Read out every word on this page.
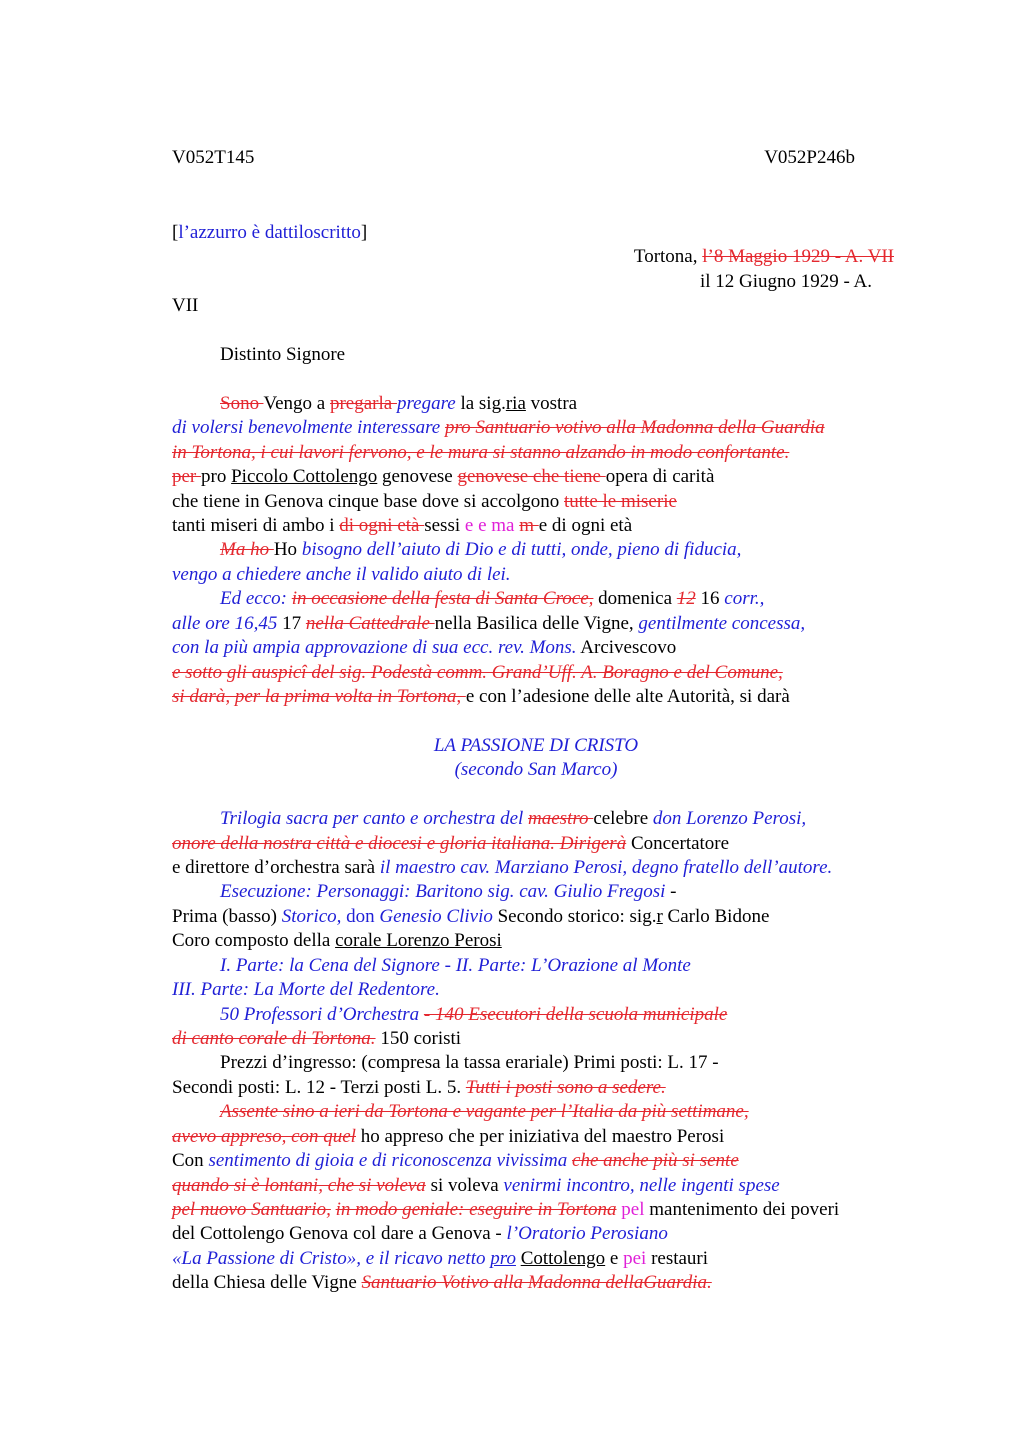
V052T145	V052P246b
[l’azzurro è dattiloscritto]
Tortona, l’8 Maggio 1929 - A. VII
il 12 Giugno 1929 - A.
VII
Distinto Signore
Sono Vengo a pregarla pregare la sig.ria vostra
di volersi benevolmente interessare pro Santuario votivo alla Madonna della Guardia
in Tortona, i cui lavori fervono, e le mura si stanno alzando in modo confortante.
per pro Piccolo Cottolengo genovese genovese che tiene opera di carità
che tiene in Genova cinque base dove si accolgono tutte le miserie
tanti miseri di ambo i di ogni età sessi e e ma m e di ogni età
Ma ho Ho bisogno dell’aiuto di Dio e di tutti, onde, pieno di fiducia,
vengo a chiedere anche il valido aiuto di lei.
Ed ecco: in occasione della festa di Santa Croce, domenica 12 16 corr.,
alle ore 16,45 17 nella Cattedrale nella Basilica delle Vigne, gentilmente concessa,
con la più ampia approvazione di sua ecc. rev. Mons. Arcivescovo
e sotto gli auspicî del sig. Podestà comm. Grand’Uff. A. Boragno e del Comune,
si darà, per la prima volta in Tortona, e con l’adesione delle alte Autorità, si darà
LA PASSIONE DI CRISTO
(secondo San Marco)
Trilogia sacra per canto e orchestra del maestro celebre don Lorenzo Perosi,
onore della nostra città e diocesi e gloria italiana. Dirigerà Concertatore
e direttore d’orchestra sarà il maestro cav. Marziano Perosi, degno fratello dell’autore.
Esecuzione: Personaggi: Baritono sig. cav. Giulio Fregosi -
Prima (basso) Storico, don Genesio Clivio Secondo storico: sig.r Carlo Bidone
Coro composto della corale Lorenzo Perosi
I. Parte: la Cena del Signore - II. Parte: L’Orazione al Monte
III. Parte: La Morte del Redentore.
50 Professori d’Orchestra - 140 Esecutori della scuola municipale
di canto corale di Tortona. 150 coristi
Prezzi d’ingresso: (compresa la tassa erariale) Primi posti: L. 17 -
Secondi posti: L. 12 - Terzi posti L. 5. Tutti i posti sono a sedere.
Assente sino a ieri da Tortona e vagante per l’Italia da più settimane,
avevo appreso, con quel ho appreso che per iniziativa del maestro Perosi
Con sentimento di gioia e di riconoscenza vivissima che anche più si sente
quando si è lontani, che si voleva si voleva venirmi incontro, nelle ingenti spese
pel nuovo Santuario, in modo geniale: eseguire in Tortona pel mantenimento dei poveri
del Cottolengo Genova col dare a Genova - l’Oratorio Perosiano
«La Passione di Cristo», e il ricavo netto pro Cottolengo e pei restauri
della Chiesa delle Vigne Santuario Votivo alla Madonna dellaGuardia.
